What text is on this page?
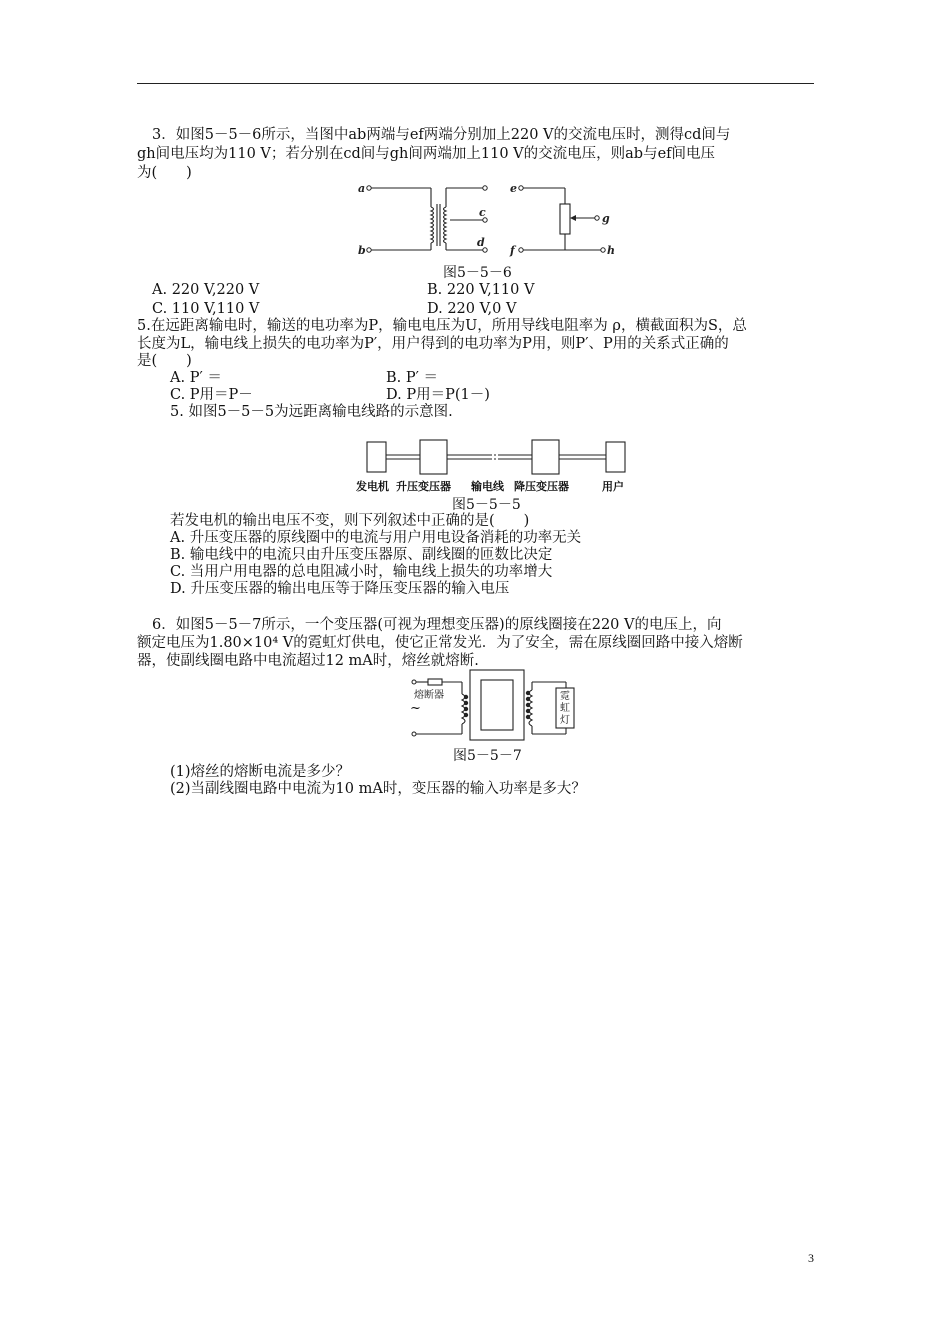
3．如图5－5－6所示，当图中ab两端与ef两端分别加上220 V的交流电压时，测得cd间与
gh间电压均为110 V；若分别在cd间与gh间两端加上110 V的交流电压，则ab与ef间电压
为(　　)
a
b
c
d
e
f
g
h
图5－5－6
A. 220 V,220 V	B. 220 V,110 V
C. 110 V,110 V	D. 220 V,0 V
5.在远距离输电时，输送的电功率为P，输电电压为U，所用导线电阻率为 ρ，横截面积为S，总
长度为L，输电线上损失的电功率为P′，用户得到的电功率为P用，则P′、P用的关系式正确的
是(　　)
A. P′ ＝	B. P′ ＝
C. P用＝P－	D. P用＝P(1－)
5. 如图5－5－5为远距离输电线路的示意图.
发电机 升压变压器 输电线 降压变压器	用户
图5－5－5
若发电机的输出电压不变，则下列叙述中正确的是(　　)
A. 升压变压器的原线圈中的电流与用户用电设备消耗的功率无关
B. 输电线中的电流只由升压变压器原、副线圈的匝数比决定
C. 当用户用电器的总电阻减小时，输电线上损失的功率增大
D. 升压变压器的输出电压等于降压变压器的输入电压
6．如图5－5－7所示，一个变压器(可视为理想变压器)的原线圈接在220 V的电压上，向
额定电压为1.80×10⁴ V的霓虹灯供电，使它正常发光．为了安全，需在原线圈回路中接入熔断
器，使副线圈电路中电流超过12 mA时，熔丝就熔断.
熔断器
~
霓
虹
灯
图5－5－7
(1)熔丝的熔断电流是多少？
(2)当副线圈电路中电流为10 mA时，变压器的输入功率是多大？
3
